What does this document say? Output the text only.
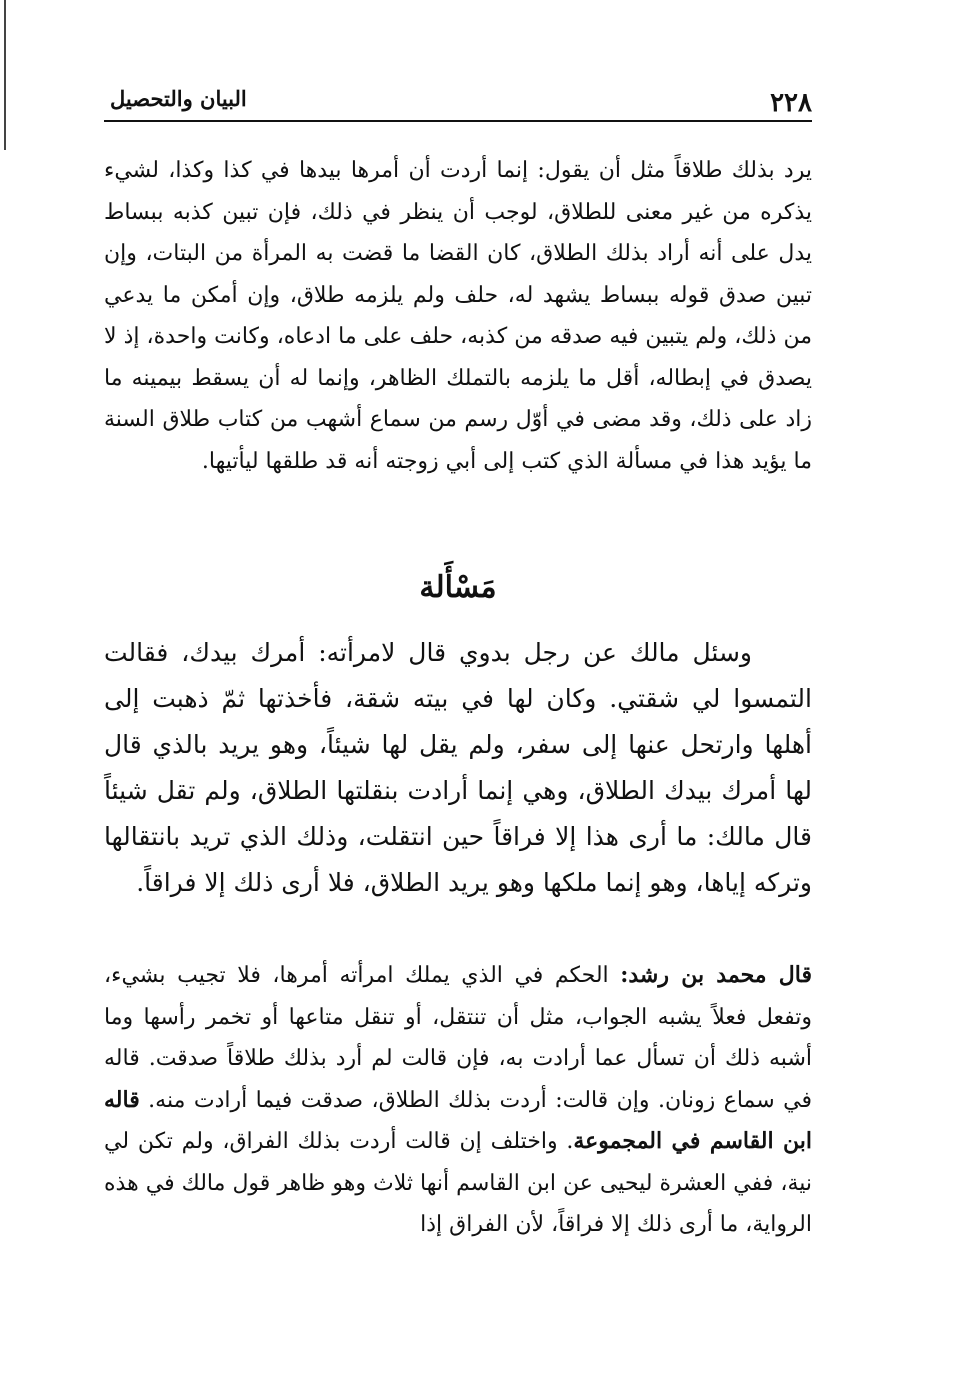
٢٢٨
البيان والتحصيل

يرد بذلك طلاقاً مثل أن يقول: إنما أردت أن أمرها بيدها في كذا وكذا، لشيء يذكره من غير معنى للطلاق، لوجب أن ينظر في ذلك، فإن تبين كذبه ببساط يدل على أنه أراد بذلك الطلاق، كان القضا ما قضت به المرأة من البتات، وإن تبين صدق قوله ببساط يشهد له، حلف ولم يلزمه طلاق، وإن أمكن ما يدعي من ذلك، ولم يتبين فيه صدقه من كذبه، حلف على ما ادعاه، وكانت واحدة، إذ لا يصدق في إبطاله، أقل ما يلزمه بالتملك الظاهر، وإنما له أن يسقط بيمينه ما زاد على ذلك، وقد مضى في أوّل رسم من سماع أشهب من كتاب طلاق السنة ما يؤيد هذا في مسألة الذي كتب إلى أبي زوجته أنه قد طلقها ليأتيها.

مَسْأَلة

وسئل مالك عن رجل بدوي قال لامرأته: أمرك بيدك، فقالت التمسوا لي شقتي. وكان لها في بيته شقة، فأخذتها ثمّ ذهبت إلى أهلها وارتحل عنها إلى سفر، ولم يقل لها شيئاً، وهو يريد بالذي قال لها أمرك بيدك الطلاق، وهي إنما أرادت بنقلتها الطلاق، ولم تقل شيئاً قال مالك: ما أرى هذا إلا فراقاً حين انتقلت، وذلك الذي تريد بانتقالها وتركه إياها، وهو إنما ملكها وهو يريد الطلاق، فلا أرى ذلك إلا فراقاً.

قال محمد بن رشد: الحكم في الذي يملك امرأته أمرها، فلا تجيب بشيء، وتفعل فعلاً يشبه الجواب، مثل أن تنتقل، أو تنقل متاعها أو تخمر رأسها وما أشبه ذلك أن تسأل عما أرادت به، فإن قالت لم أرد بذلك طلاقاً صدقت. قاله في سماع زونان. وإن قالت: أردت بذلك الطلاق، صدقت فيما أرادت منه. قاله ابن القاسم في المجموعة. واختلف إن قالت أردت بذلك الفراق، ولم تكن لي نية، ففي العشرة ليحيى عن ابن القاسم أنها ثلاث وهو ظاهر قول مالك في هذه الرواية، ما أرى ذلك إلا فراقاً، لأن الفراق إذا
